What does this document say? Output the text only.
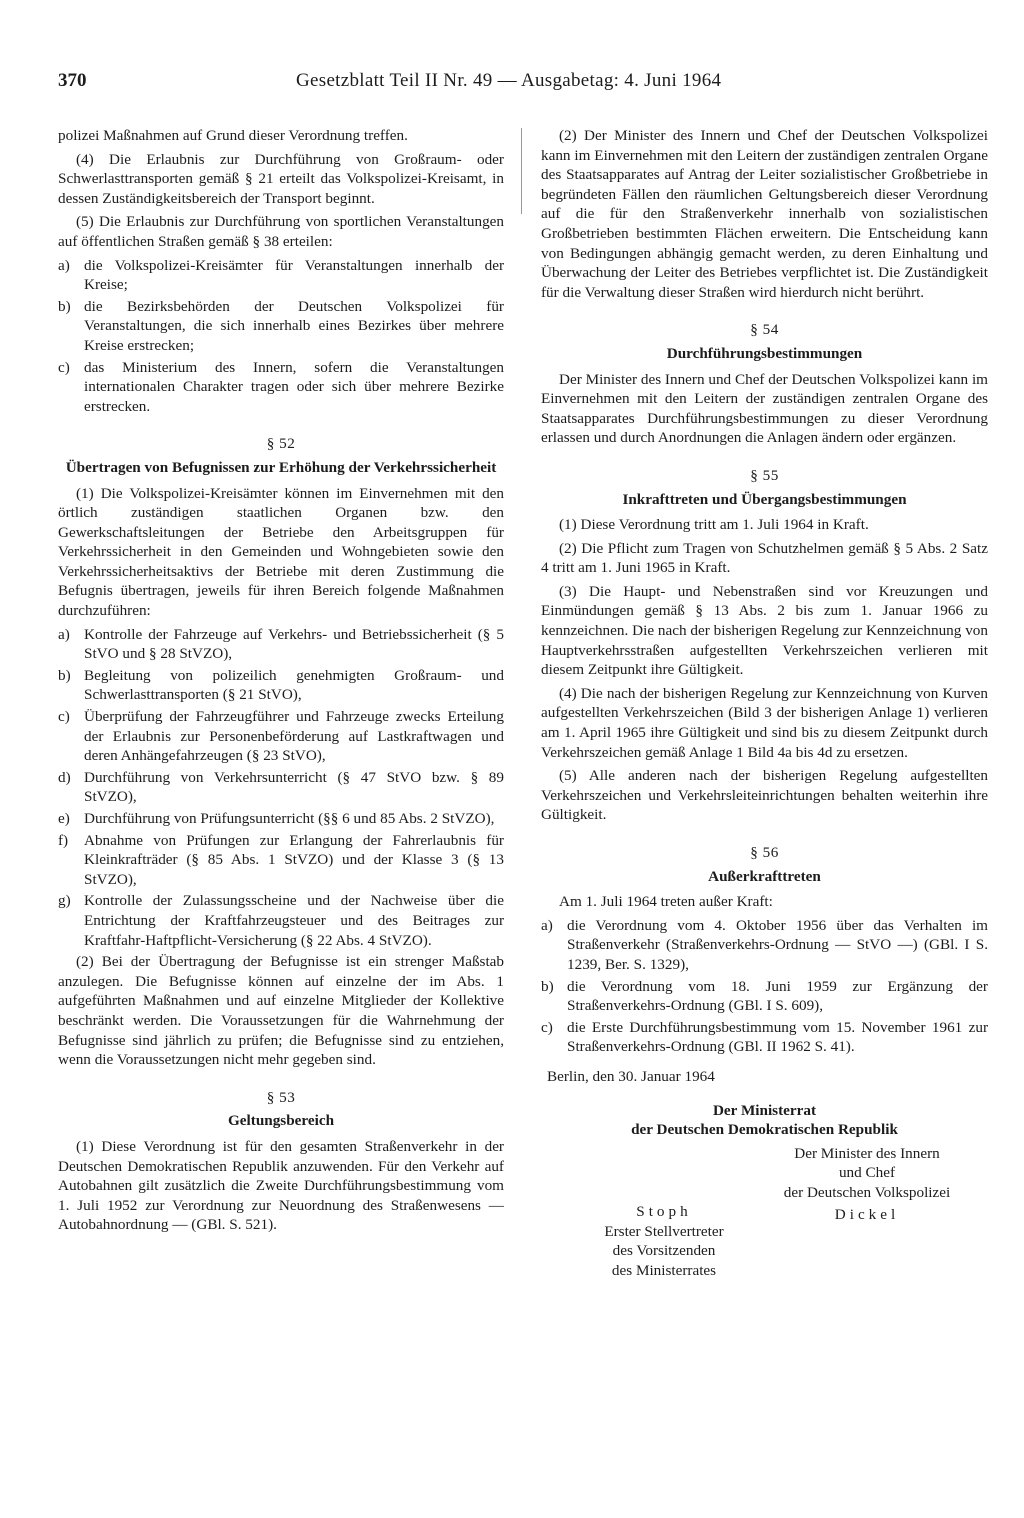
370	Gesetzblatt Teil II Nr. 49 — Ausgabetag: 4. Juni 1964

polizei Maßnahmen auf Grund dieser Verordnung treffen.

(4) Die Erlaubnis zur Durchführung von Großraum- oder Schwerlasttransporten gemäß § 21 erteilt das Volkspolizei-Kreisamt, in dessen Zuständigkeitsbereich der Transport beginnt.

(5) Die Erlaubnis zur Durchführung von sportlichen Veranstaltungen auf öffentlichen Straßen gemäß § 38 erteilen:

a) die Volkspolizei-Kreisämter für Veranstaltungen innerhalb der Kreise;
b) die Bezirksbehörden der Deutschen Volkspolizei für Veranstaltungen, die sich innerhalb eines Bezirkes über mehrere Kreise erstrecken;
c) das Ministerium des Innern, sofern die Veranstaltungen internationalen Charakter tragen oder sich über mehrere Bezirke erstrecken.
§ 52
Übertragen von Befugnissen zur Erhöhung der Verkehrssicherheit

(1) Die Volkspolizei-Kreisämter können im Einvernehmen mit den örtlich zuständigen staatlichen Organen bzw. den Gewerkschaftsleitungen der Betriebe den Arbeitsgruppen für Verkehrssicherheit in den Gemeinden und Wohngebieten sowie den Verkehrssicherheitsaktivs der Betriebe mit deren Zustimmung die Befugnis übertragen, jeweils für ihren Bereich folgende Maßnahmen durchzuführen:

a) Kontrolle der Fahrzeuge auf Verkehrs- und Betriebssicherheit (§ 5 StVO und § 28 StVZO),
b) Begleitung von polizeilich genehmigten Großraum- und Schwerlasttransporten (§ 21 StVO),
c) Überprüfung der Fahrzeugführer und Fahrzeuge zwecks Erteilung der Erlaubnis zur Personenbeförderung auf Lastkraftwagen und deren Anhängefahrzeugen (§ 23 StVO),
d) Durchführung von Verkehrsunterricht (§ 47 StVO bzw. § 89 StVZO),
e) Durchführung von Prüfungsunterricht (§§ 6 und 85 Abs. 2 StVZO),
f)	Abnahme von Prüfungen zur Erlangung der Fahrerlaubnis für Kleinkrafträder (§ 85 Abs. 1 StVZO) und der Klasse 3 (§ 13 StVZO),
g) Kontrolle der Zulassungsscheine und der Nachweise über die Entrichtung der Kraftfahrzeugsteuer und des Beitrages zur Kraftfahr-Haftpflicht-Versicherung (§ 22 Abs. 4 StVZO).

(2) Bei der Übertragung der Befugnisse ist ein strenger Maßstab anzulegen. Die Befugnisse können auf einzelne der im Abs. 1 aufgeführten Maßnahmen und auf einzelne Mitglieder der Kollektive beschränkt werden. Die Voraussetzungen für die Wahrnehmung der Befugnisse sind jährlich zu prüfen; die Befugnisse sind zu entziehen, wenn die Voraussetzungen nicht mehr gegeben sind.

§ 53
Geltungsbereich

(1) Diese Verordnung ist für den gesamten Straßenverkehr in der Deutschen Demokratischen Republik anzuwenden. Für den Verkehr auf Autobahnen gilt zusätzlich die Zweite Durchführungsbestimmung vom 1. Juli 1952 zur Verordnung zur Neuordnung des Straßenwesens — Autobahnordnung — (GBl. S. 521).

(2) Der Minister des Innern und Chef der Deutschen Volkspolizei kann im Einvernehmen mit den Leitern der zuständigen zentralen Organe des Staatsapparates auf Antrag der Leiter sozialistischer Großbetriebe in begründeten Fällen den räumlichen Geltungsbereich dieser Verordnung auf die für den Straßenverkehr innerhalb von sozialistischen Großbetrieben bestimmten Flächen erweitern. Die Entscheidung kann von Bedingungen abhängig gemacht werden, zu deren Einhaltung und Überwachung der Leiter des Betriebes verpflichtet ist. Die Zuständigkeit für die Verwaltung dieser Straßen wird hierdurch nicht berührt.

§ 54
Durchführungsbestimmungen

Der Minister des Innern und Chef der Deutschen Volkspolizei kann im Einvernehmen mit den Leitern der zuständigen zentralen Organe des Staatsapparates Durchführungsbestimmungen zu dieser Verordnung erlassen und durch Anordnungen die Anlagen ändern oder ergänzen.

§ 55
Inkrafttreten und Übergangsbestimmungen

(1) Diese Verordnung tritt am 1. Juli 1964 in Kraft.

(2) Die Pflicht zum Tragen von Schutzhelmen gemäß § 5 Abs. 2 Satz 4 tritt am 1. Juni 1965 in Kraft.

(3) Die Haupt- und Nebenstraßen sind vor Kreuzungen und Einmündungen gemäß § 13 Abs. 2 bis zum 1. Januar 1966 zu kennzeichnen. Die nach der bisherigen Regelung zur Kennzeichnung von Hauptverkehrsstraßen aufgestellten Verkehrszeichen verlieren mit diesem Zeitpunkt ihre Gültigkeit.

(4) Die nach der bisherigen Regelung zur Kennzeichnung von Kurven aufgestellten Verkehrszeichen (Bild 3 der bisherigen Anlage 1) verlieren am 1. April 1965 ihre Gültigkeit und sind bis zu diesem Zeitpunkt durch Verkehrszeichen gemäß Anlage 1 Bild 4a bis 4d zu ersetzen.

(5) Alle anderen nach der bisherigen Regelung aufgestellten Verkehrszeichen und Verkehrsleiteinrichtungen behalten weiterhin ihre Gültigkeit.

§ 56
Außerkrafttreten

Am 1. Juli 1964 treten außer Kraft:

a) die Verordnung vom 4. Oktober 1956 über das Verhalten im Straßenverkehr (Straßenverkehrs-Ordnung — StVO —) (GBl. I S. 1239, Ber. S. 1329),
b) die Verordnung vom 18. Juni 1959 zur Ergänzung der Straßenverkehrs-Ordnung (GBl. I S. 609),
c) die Erste Durchführungsbestimmung vom 15. November 1961 zur Straßenverkehrs-Ordnung (GBl. II 1962 S. 41).
Berlin, den 30. Januar 1964
Der Ministerrat
der Deutschen Demokratischen Republik
Der Minister des Innern
und Chef
der Deutschen Volkspolizei
Dickel
Stoph
Erster Stellvertreter
des Vorsitzenden
des Ministerrates
